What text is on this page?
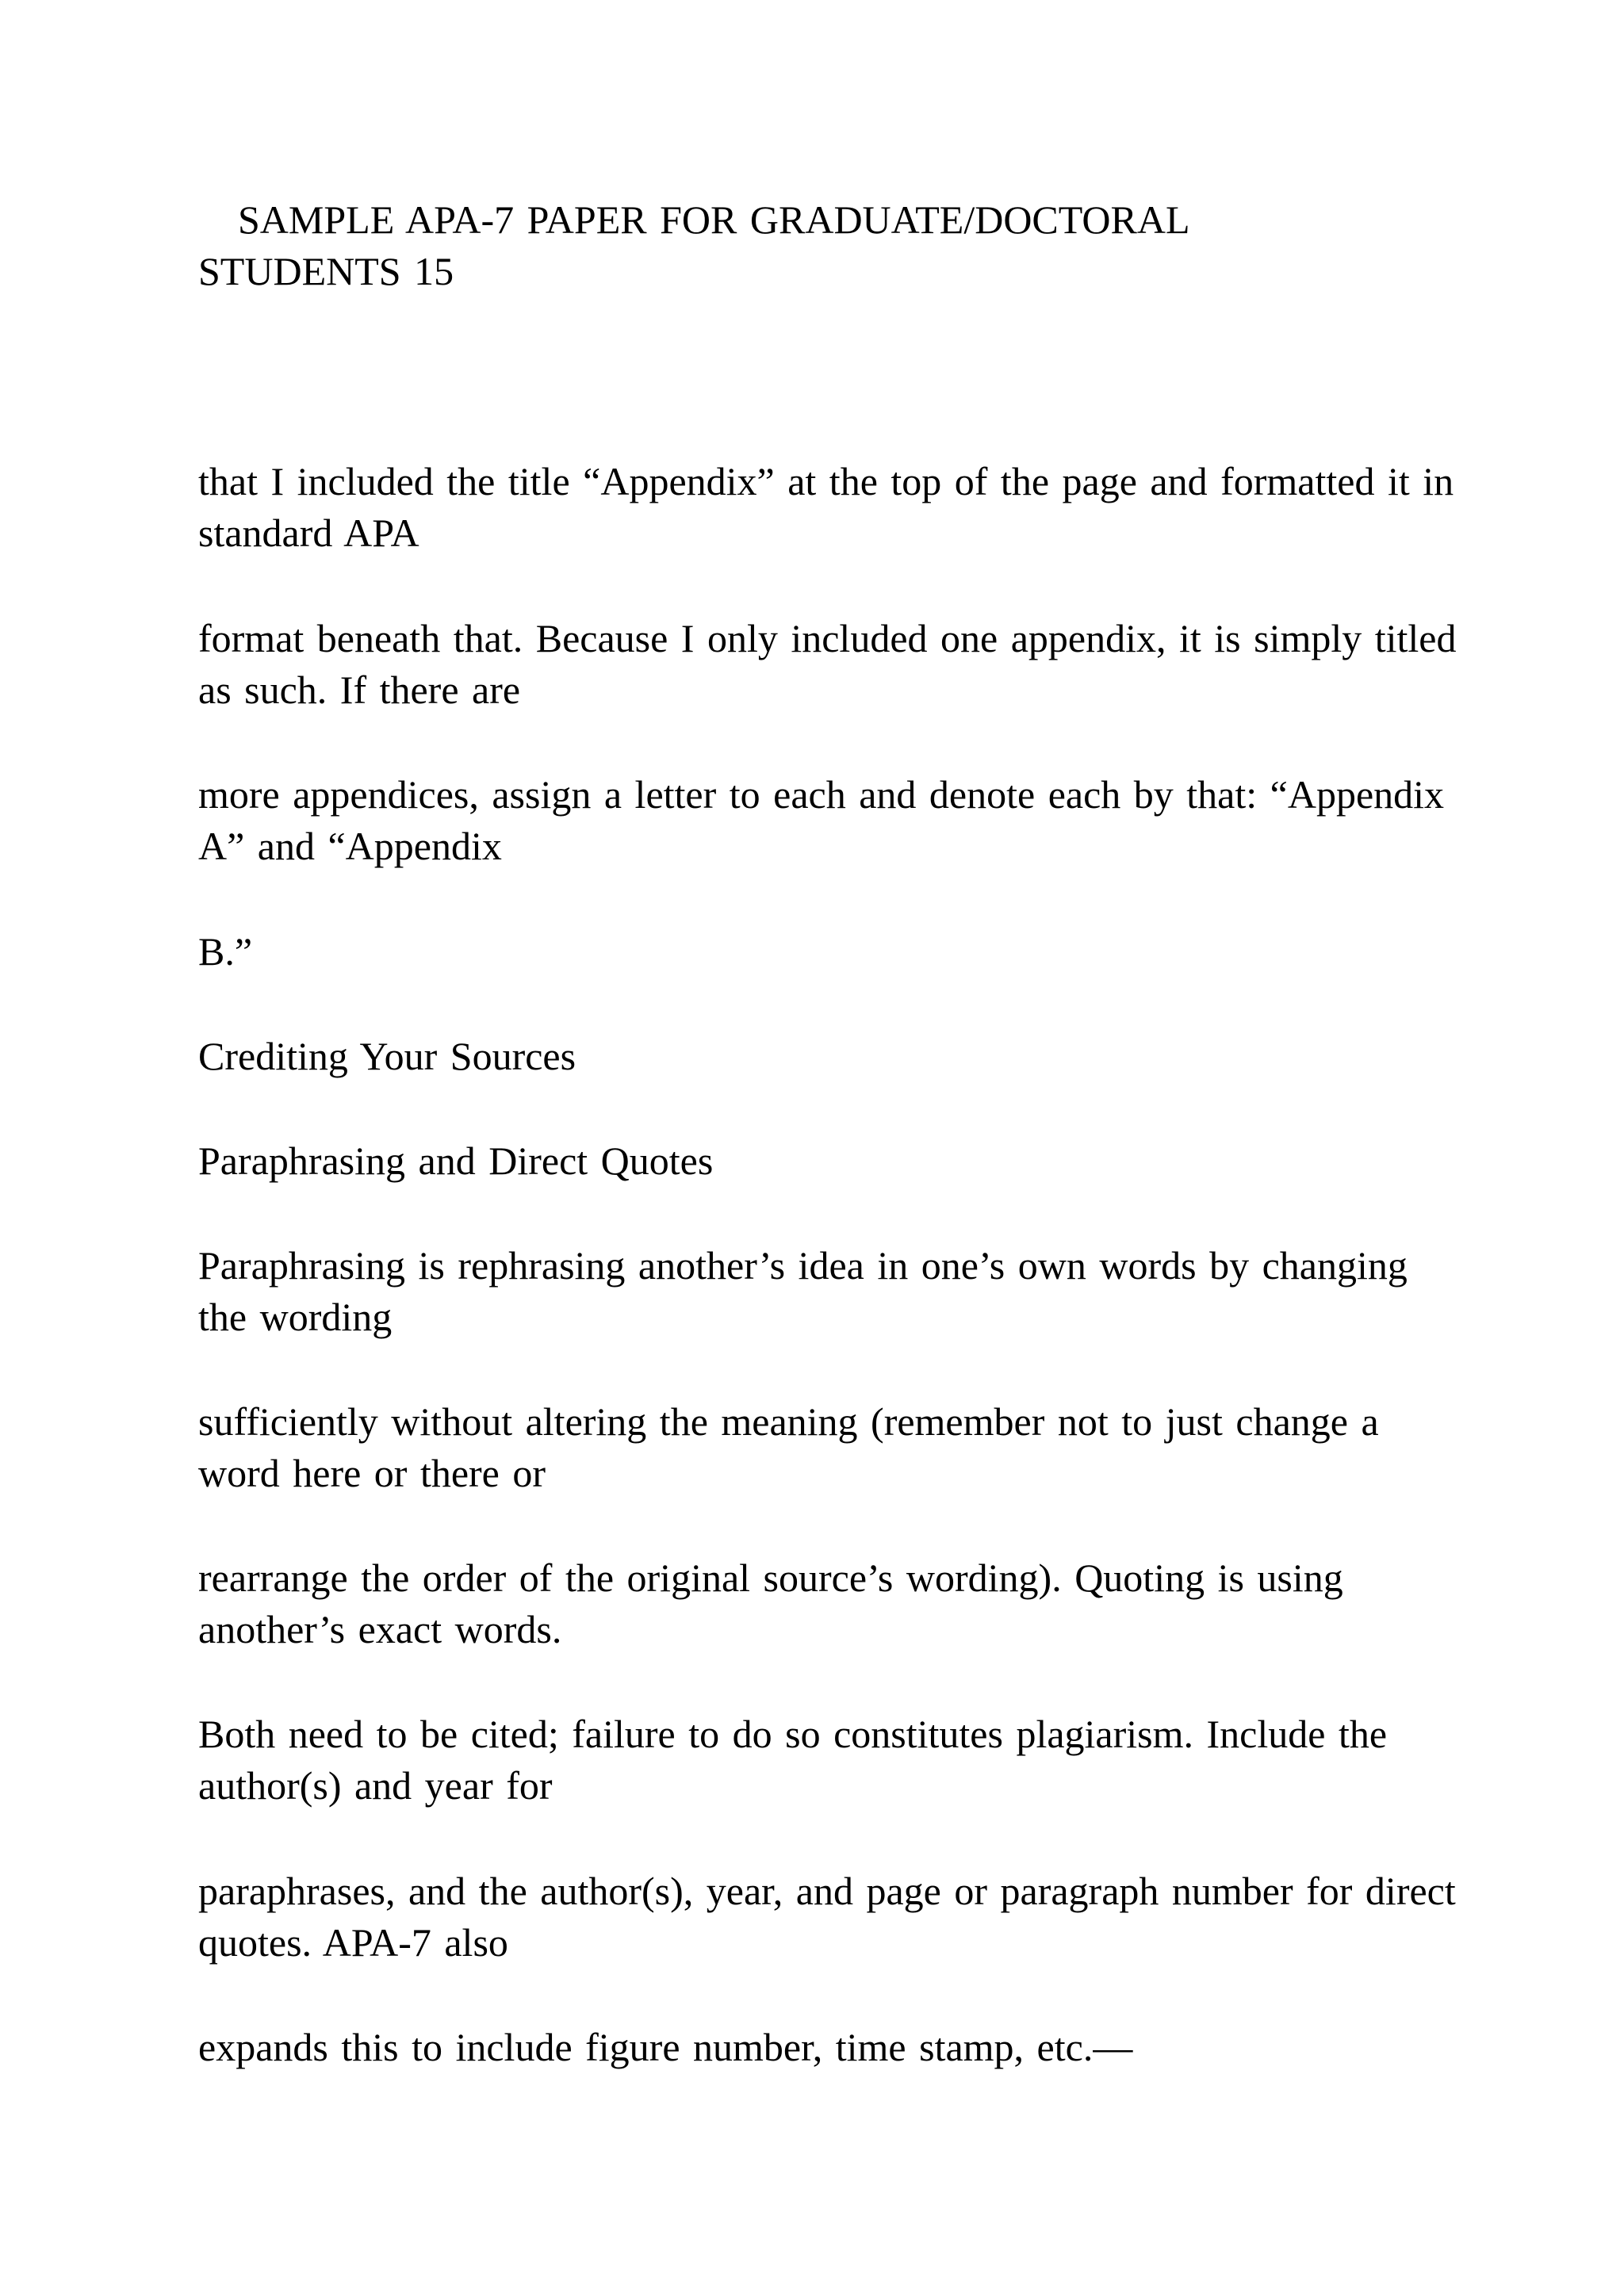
SAMPLE APA-7 PAPER FOR GRADUATE/DOCTORAL
STUDENTS 15

that I included the title “Appendix” at the top of the page and formatted it in standard APA

format beneath that. Because I only included one appendix, it is simply titled as such. If there are

more appendices, assign a letter to each and denote each by that: “Appendix A” and “Appendix

B.”

Crediting Your Sources

Paraphrasing and Direct Quotes

Paraphrasing is rephrasing another’s idea in one’s own words by changing the wording

sufficiently without altering the meaning (remember not to just change a word here or there or

rearrange the order of the original source’s wording). Quoting is using another’s exact words.

Both need to be cited; failure to do so constitutes plagiarism. Include the author(s) and year for

paraphrases, and the author(s), year, and page or paragraph number for direct quotes. APA-7 also

expands this to include figure number, time stamp, etc.—
